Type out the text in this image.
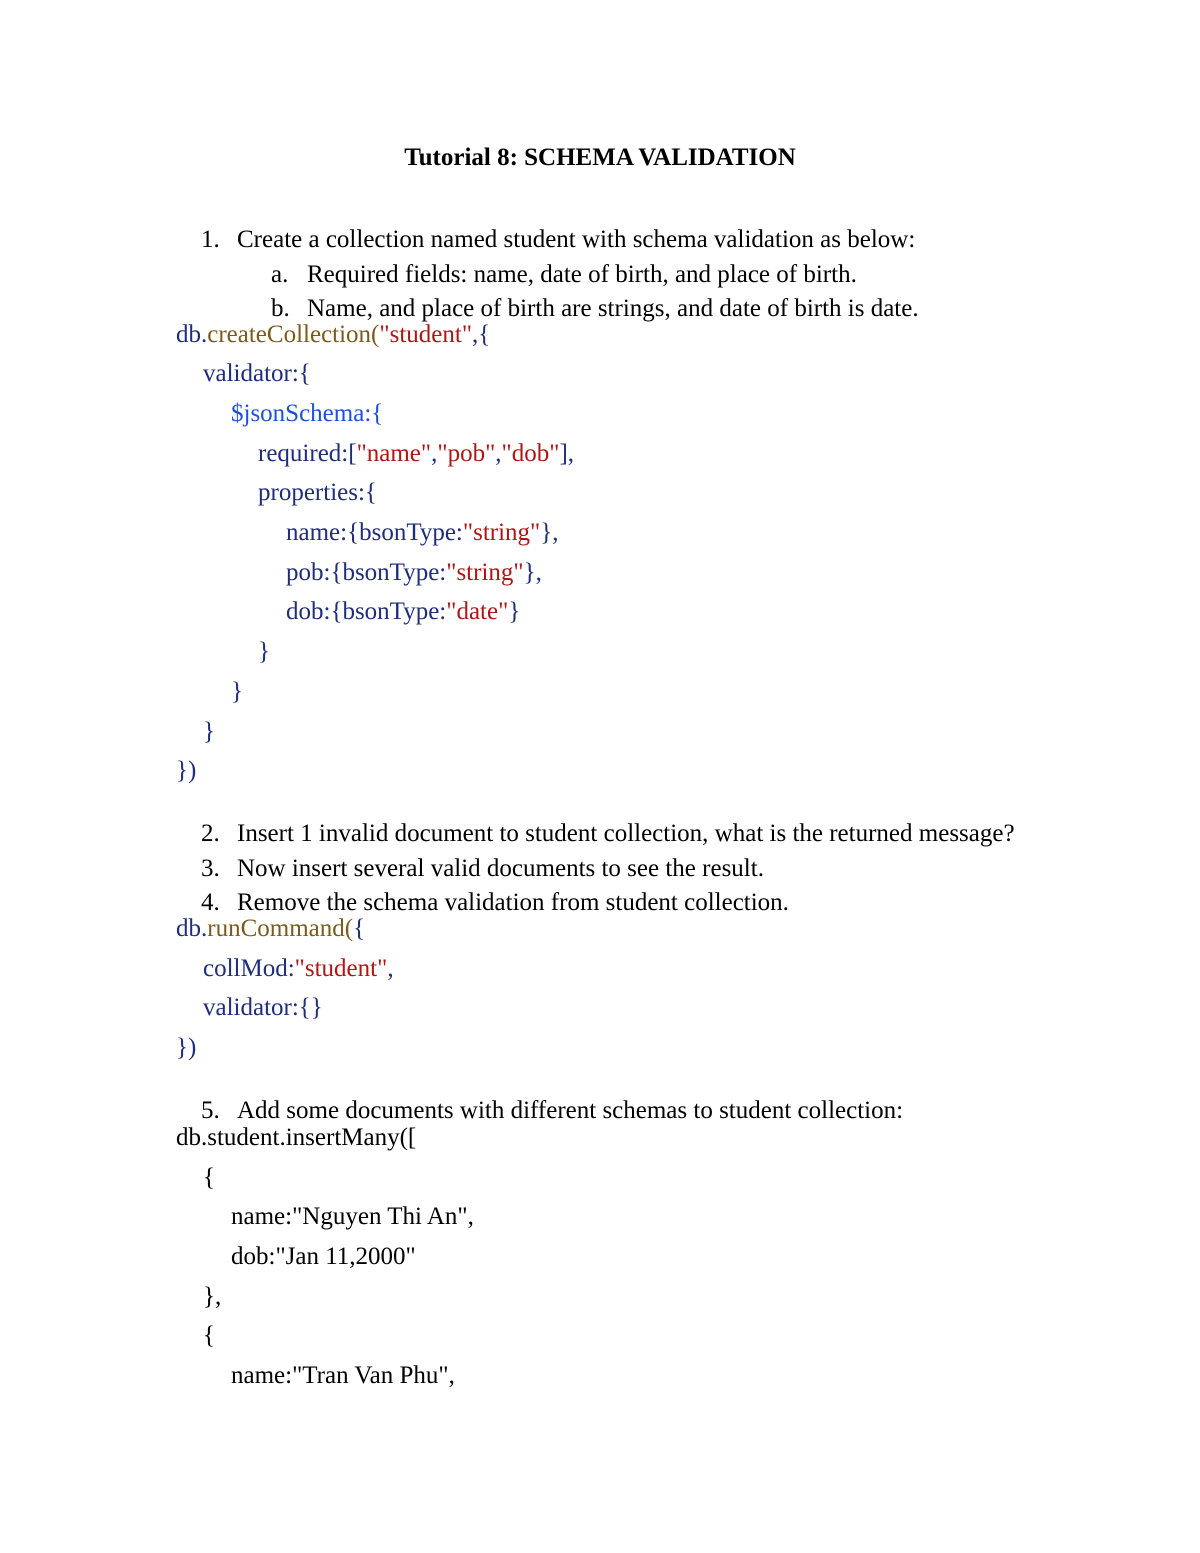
Tutorial 8: SCHEMA VALIDATION

1. Create a collection named student with schema validation as below:

a. Required fields: name, date of birth, and place of birth.

b. Name, and place of birth are strings, and date of birth is date.

db.createCollection("student",{
validator:{
$jsonSchema:{
required:["name","pob","dob"],
properties:{
name:{bsonType:"string"},
pob:{bsonType:"string"},
dob:{bsonType:"date"}
}
}
}
})

2. Insert 1 invalid document to student collection, what is the returned message?

3. Now insert several valid documents to see the result.

4. Remove the schema validation from student collection.

db.runCommand({
collMod:"student",
validator:{}
})

5. Add some documents with different schemas to student collection:

db.student.insertMany([
{
name:"Nguyen Thi An",
dob:"Jan 11,2000"
},
{
name:"Tran Van Phu",
